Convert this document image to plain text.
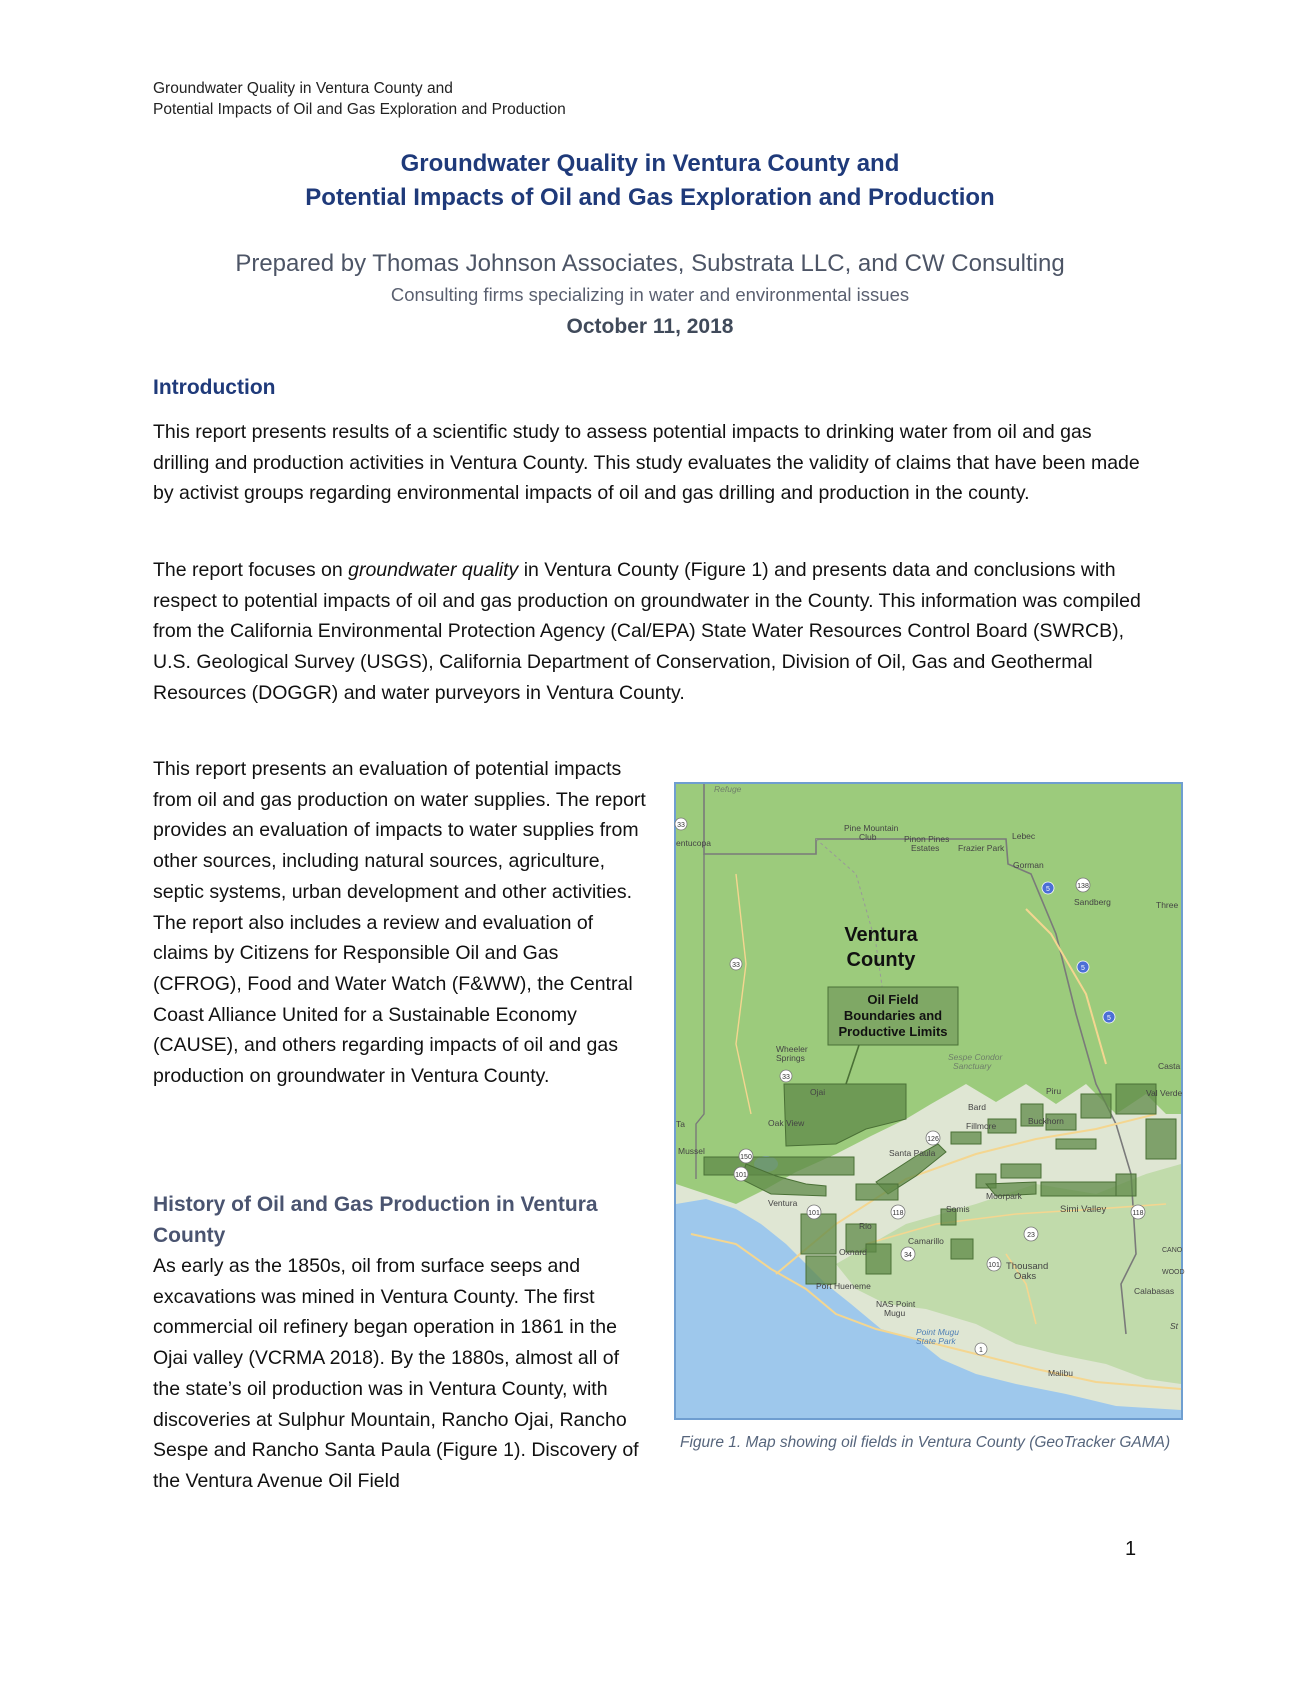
Groundwater Quality in Ventura County and
Potential Impacts of Oil and Gas Exploration and Production
Groundwater Quality in Ventura County and
Potential Impacts of Oil and Gas Exploration and Production
Prepared by Thomas Johnson Associates, Substrata LLC, and CW Consulting
Consulting firms specializing in water and environmental issues
October 11, 2018
Introduction

This report presents results of a scientific study to assess potential impacts to drinking water from oil and gas drilling and production activities in Ventura County. This study evaluates the validity of claims that have been made by activist groups regarding environmental impacts of oil and gas drilling and production in the county.

The report focuses on groundwater quality in Ventura County (Figure 1) and presents data and conclusions with respect to potential impacts of oil and gas production on groundwater in the County. This information was compiled from the California Environmental Protection Agency (Cal/EPA) State Water Resources Control Board (SWRCB), U.S. Geological Survey (USGS), California Department of Conservation, Division of Oil, Gas and Geothermal Resources (DOGGR) and water purveyors in Ventura County.

This report presents an evaluation of potential impacts from oil and gas production on water supplies. The report provides an evaluation of impacts to water supplies from other sources, including natural sources, agriculture, septic systems, urban development and other activities. The report also includes a review and evaluation of claims by Citizens for Responsible Oil and Gas (CFROG), Food and Water Watch (F&WW), the Central Coast Alliance United for a Sustainable Economy (CAUSE), and others regarding impacts of oil and gas production on groundwater in Ventura County.

History of Oil and Gas Production in Ventura County

As early as the 1850s, oil from surface seeps and excavations was mined in Ventura County. The first commercial oil refinery began operation in 1861 in the Ojai valley (VCRMA 2018). By the 1880s, almost all of the state’s oil production was in Ventura County, with discoveries at Sulphur Mountain, Rancho Ojai, Rancho Sespe and Rancho Santa Paula (Figure 1). Discovery of the Ventura Avenue Oil Field

Oil Field
Boundaries and
Productive Limits
Ventura
County
Refuge
Pine Mountain
Club	Pinon Pines
Estates Frazier Park
Lebec
Gorman
Sandberg	Three
entucopa
Wheeler
Springs
Ojai
Oak View
Ta
Mussel
Ventura
Santa Paula
Fillmore	Buckhorn
Piru
Bard
Moorpark
Simi Valley
Somis
Camarillo
Oxnard
Rio
Port Hueneme
NAS Point
Mugu
Point Mugu
State Park
Thousand
Oaks
Calabasas
Malibu
Sespe Condor
Sanctuary	Casta
Val Verde
CANO
WOOD
St
33
33
33
138
5
5
5
150
126
101
101	118	118
23
34
1
101
Figure 1. Map showing oil fields in Ventura County (GeoTracker GAMA)
1
